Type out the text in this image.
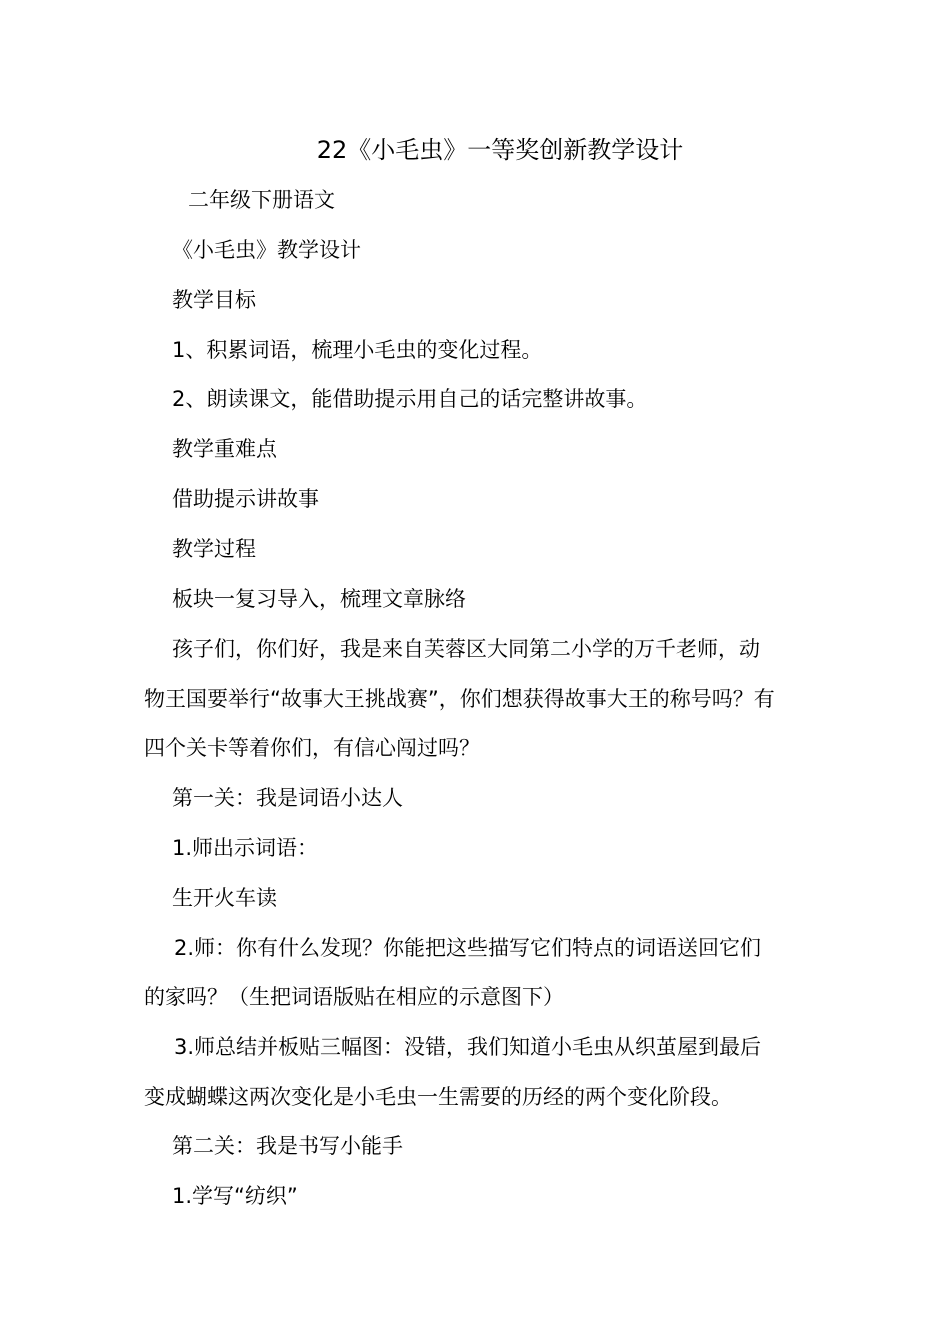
22《小毛虫》一等奖创新教学设计
二年级下册语文
《小毛虫》教学设计
教学目标
1、积累词语，梳理小毛虫的变化过程。
2、朗读课文，能借助提示用自己的话完整讲故事。
教学重难点
借助提示讲故事
教学过程
板块一复习导入，梳理文章脉络
孩子们，你们好，我是来自芙蓉区大同第二小学的万千老师，动
物王国要举行“故事大王挑战赛”，你们想获得故事大王的称号吗？有
四个关卡等着你们，有信心闯过吗？
第一关：我是词语小达人
1.师出示词语：
生开火车读
2.师：你有什么发现？你能把这些描写它们特点的词语送回它们
的家吗？（生把词语版贴在相应的示意图下）
3.师总结并板贴三幅图：没错，我们知道小毛虫从织茧屋到最后
变成蝴蝶这两次变化是小毛虫一生需要的历经的两个变化阶段。
第二关：我是书写小能手
1.学写“纺织”
